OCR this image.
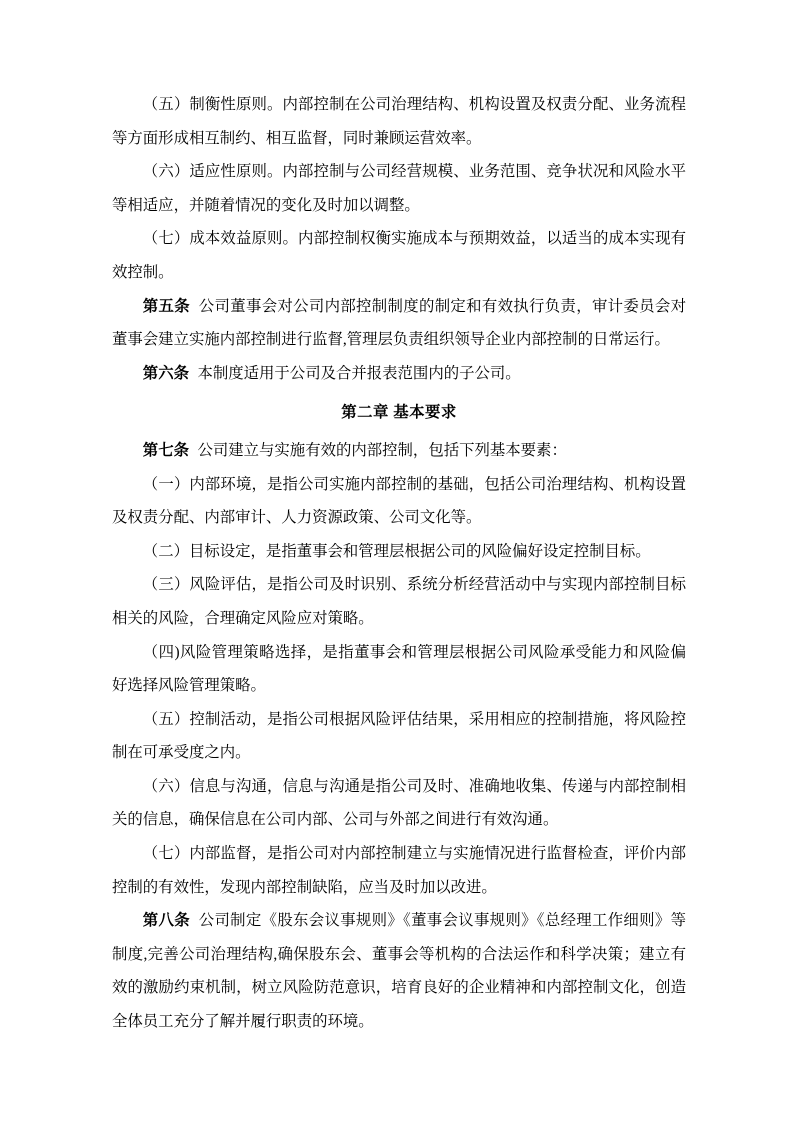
（五）制衡性原则。内部控制在公司治理结构、机构设置及权责分配、业务流程等方面形成相互制约、相互监督，同时兼顾运营效率。

（六）适应性原则。内部控制与公司经营规模、业务范围、竞争状况和风险水平等相适应，并随着情况的变化及时加以调整。

（七）成本效益原则。内部控制权衡实施成本与预期效益，以适当的成本实现有效控制。

第五条 公司董事会对公司内部控制制度的制定和有效执行负责，审计委员会对董事会建立实施内部控制进行监督,管理层负责组织领导企业内部控制的日常运行。

第六条 本制度适用于公司及合并报表范围内的子公司。

第二章 基本要求

第七条 公司建立与实施有效的内部控制，包括下列基本要素：

（一）内部环境，是指公司实施内部控制的基础，包括公司治理结构、机构设置及权责分配、内部审计、人力资源政策、公司文化等。

（二）目标设定，是指董事会和管理层根据公司的风险偏好设定控制目标。

（三）风险评估，是指公司及时识别、系统分析经营活动中与实现内部控制目标相关的风险，合理确定风险应对策略。

（四)风险管理策略选择，是指董事会和管理层根据公司风险承受能力和风险偏好选择风险管理策略。

（五）控制活动，是指公司根据风险评估结果，采用相应的控制措施，将风险控制在可承受度之内。

（六）信息与沟通，信息与沟通是指公司及时、准确地收集、传递与内部控制相关的信息，确保信息在公司内部、公司与外部之间进行有效沟通。

（七）内部监督，是指公司对内部控制建立与实施情况进行监督检查，评价内部控制的有效性，发现内部控制缺陷，应当及时加以改进。

第八条 公司制定《股东会议事规则》《董事会议事规则》《总经理工作细则》等制度,完善公司治理结构,确保股东会、董事会等机构的合法运作和科学决策；建立有效的激励约束机制，树立风险防范意识，培育良好的企业精神和内部控制文化，创造全体员工充分了解并履行职责的环境。
